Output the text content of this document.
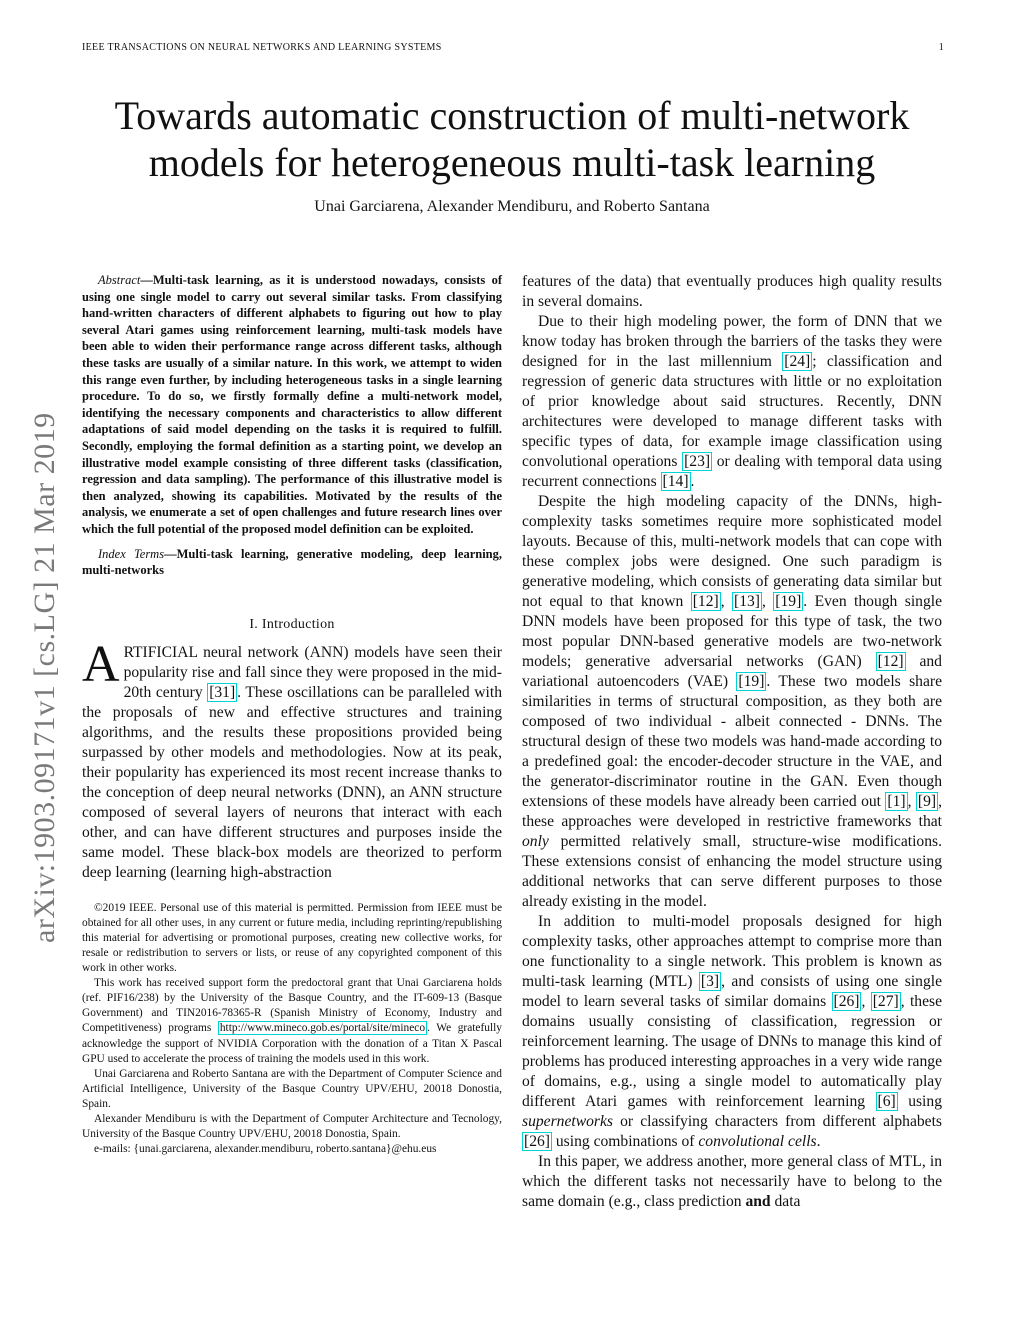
IEEE TRANSACTIONS ON NEURAL NETWORKS AND LEARNING SYSTEMS	1
Towards automatic construction of multi-network
models for heterogeneous multi-task learning
Unai Garciarena, Alexander Mendiburu, and Roberto Santana
arXiv:1903.09171v1 [cs.LG] 21 Mar 2019

Abstract—Multi-task learning, as it is understood nowadays, consists of using one single model to carry out several similar tasks. From classifying hand-written characters of different alphabets to figuring out how to play several Atari games using reinforcement learning, multi-task models have been able to widen their performance range across different tasks, although these tasks are usually of a similar nature. In this work, we attempt to widen this range even further, by including heterogeneous tasks in a single learning procedure. To do so, we firstly formally define a multi-network model, identifying the necessary components and characteristics to allow different adaptations of said model depending on the tasks it is required to fulfill. Secondly, employing the formal definition as a starting point, we develop an illustrative model example consisting of three different tasks (classification, regression and data sampling). The performance of this illustrative model is then analyzed, showing its capabilities. Motivated by the results of the analysis, we enumerate a set of open challenges and future research lines over which the full potential of the proposed model definition can be exploited.

Index Terms—Multi-task learning, generative modeling, deep learning, multi-networks

I. Introduction

ARTIFICIAL neural network (ANN) models have seen their popularity rise and fall since they were proposed in the mid-20th century [31] . These oscillations can be paralleled with the proposals of new and effective structures and training algorithms, and the results these propositions provided being surpassed by other models and methodologies. Now at its peak, their popularity has experienced its most recent increase thanks to the conception of deep neural networks (DNN), an ANN structure composed of several layers of neurons that interact with each other, and can have different structures and purposes inside the same model. These black-box models are theorized to perform deep learning (learning high-abstraction

©2019 IEEE. Personal use of this material is permitted. Permission from IEEE must be obtained for all other uses, in any current or future media, including reprinting/republishing this material for advertising or promotional purposes, creating new collective works, for resale or redistribution to servers or lists, or reuse of any copyrighted component of this work in other works.

This work has received support form the predoctoral grant that Unai Garciarena holds (ref. PIF16/238) by the University of the Basque Country, and the IT-609-13 (Basque Government) and TIN2016-78365-R (Spanish Ministry of Economy, Industry and Competitiveness) programs http://www.mineco.gob.es/portal/site/mineco . We gratefully acknowledge the support of NVIDIA Corporation with the donation of a Titan X Pascal GPU used to accelerate the process of training the models used in this work.

Unai Garciarena and Roberto Santana are with the Department of Computer Science and Artificial Intelligence, University of the Basque Country UPV/EHU, 20018 Donostia, Spain.

Alexander Mendiburu is with the Department of Computer Architecture and Tecnology, University of the Basque Country UPV/EHU, 20018 Donostia, Spain.

e-mails: {unai.garciarena, alexander.mendiburu, roberto.santana}@ehu.eus

features of the data) that eventually produces high quality results in several domains.

Due to their high modeling power, the form of DNN that we know today has broken through the barriers of the tasks they were designed for in the last millennium [24] ; classification and regression of generic data structures with little or no exploitation of prior knowledge about said structures. Recently, DNN architectures were developed to manage different tasks with specific types of data, for example image classification using convolutional operations [23] or dealing with temporal data using recurrent connections [14] .

Despite the high modeling capacity of the DNNs, high-complexity tasks sometimes require more sophisticated model layouts. Because of this, multi-network models that can cope with these complex jobs were designed. One such paradigm is generative modeling, which consists of generating data similar but not equal to that known [12] , [13] , [19] . Even though single DNN models have been proposed for this type of task, the two most popular DNN-based generative models are two-network models; generative adversarial networks (GAN) [12] and variational autoencoders (VAE) [19] . These two models share similarities in terms of structural composition, as they both are composed of two individual - albeit connected - DNNs. The structural design of these two models was hand-made according to a predefined goal: the encoder-decoder structure in the VAE, and the generator-discriminator routine in the GAN. Even though extensions of these models have already been carried out [1] , [9] , these approaches were developed in restrictive frameworks that only permitted relatively small, structure-wise modifications. These extensions consist of enhancing the model structure using additional networks that can serve different purposes to those already existing in the model.

In addition to multi-model proposals designed for high complexity tasks, other approaches attempt to comprise more than one functionality to a single network. This problem is known as multi-task learning (MTL) [3] , and consists of using one single model to learn several tasks of similar domains [26] , [27] , these domains usually consisting of classification, regression or reinforcement learning. The usage of DNNs to manage this kind of problems has produced interesting approaches in a very wide range of domains, e.g., using a single model to automatically play different Atari games with reinforcement learning [6] using supernetworks or classifying characters from different alphabets [26] using combinations of convolutional cells.

In this paper, we address another, more general class of MTL, in which the different tasks not necessarily have to belong to the same domain (e.g., class prediction and data
